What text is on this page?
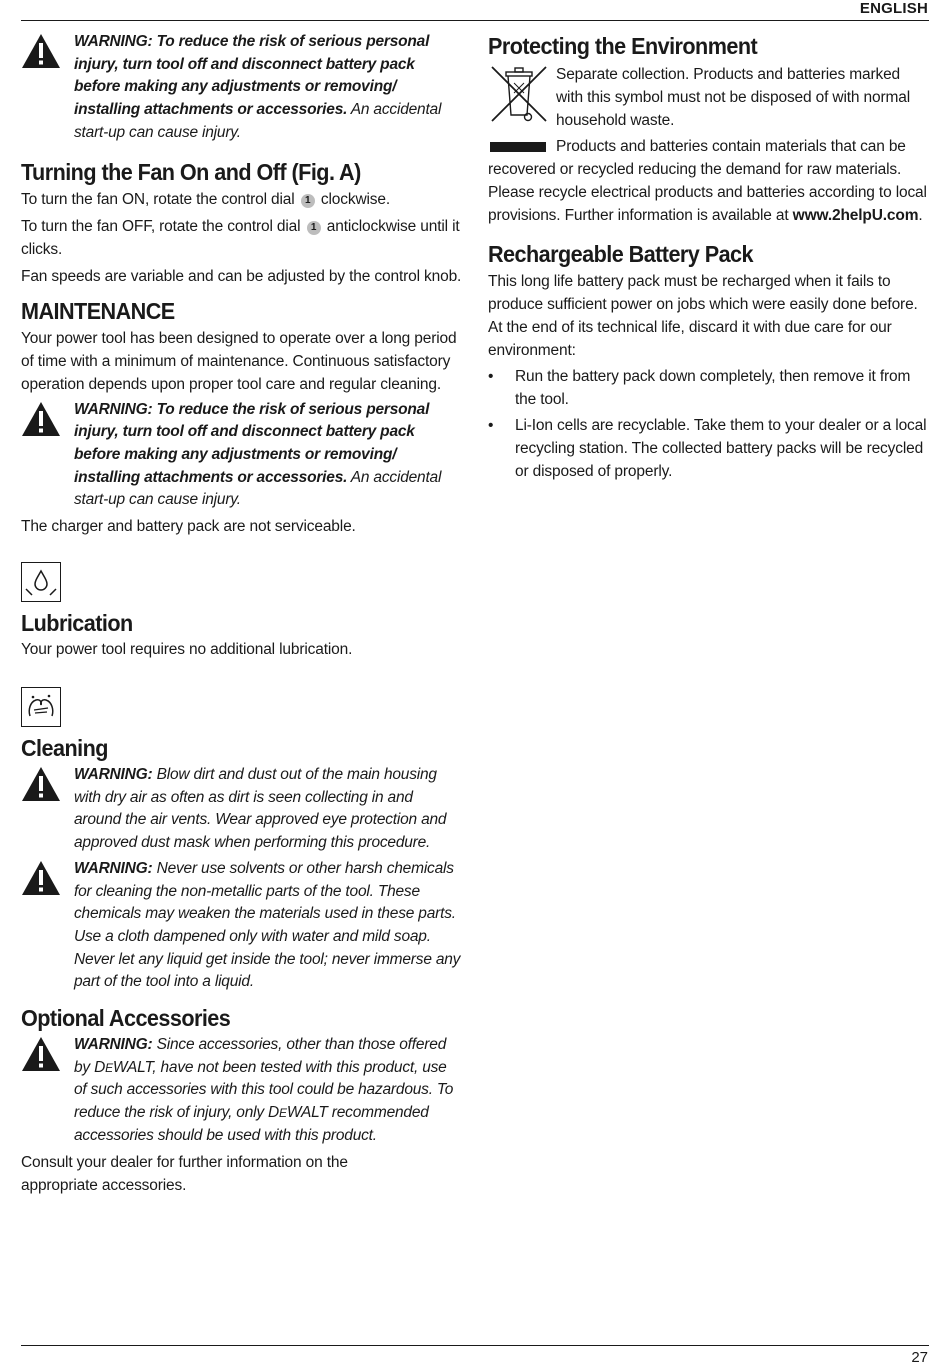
ENGLISH
WARNING: To reduce the risk of serious personal injury, turn tool off and disconnect battery pack before making any adjustments or removing/ installing attachments or accessories. An accidental start-up can cause injury.
Turning the Fan On and Off (Fig. A)

To turn the fan ON, rotate the control dial 1 clockwise.

To turn the fan OFF, rotate the control dial 1 anticlockwise until it clicks.

Fan speeds are variable and can be adjusted by the control knob.

MAINTENANCE

Your power tool has been designed to operate over a long period of time with a minimum of maintenance. Continuous satisfactory operation depends upon proper tool care and regular cleaning.

WARNING: To reduce the risk of serious personal injury, turn tool off and disconnect battery pack before making any adjustments or removing/ installing attachments or accessories. An accidental start-up can cause injury.

The charger and battery pack are not serviceable.

Lubrication

Your power tool requires no additional lubrication.

Cleaning
WARNING: Blow dirt and dust out of the main housing with dry air as often as dirt is seen collecting in and around the air vents. Wear approved eye protection and approved dust mask when performing this procedure.
WARNING: Never use solvents or other harsh chemicals for cleaning the non-metallic parts of the tool. These chemicals may weaken the materials used in these parts. Use a cloth dampened only with water and mild soap. Never let any liquid get inside the tool; never immerse any part of the tool into a liquid.
Optional Accessories
WARNING: Since accessories, other than those offered by DEWALT, have not been tested with this product, use of such accessories with this tool could be hazardous. To reduce the risk of injury, only DEWALT recommended accessories should be used with this product.

Consult your dealer for further information on the appropriate accessories.

Protecting the Environment

Separate collection. Products and batteries marked with this symbol must not be disposed of with normal household waste.

Products and batteries contain materials that can be recovered or recycled reducing the demand for raw materials. Please recycle electrical products and batteries according to local provisions. Further information is available at www.2helpU.com.

Rechargeable Battery Pack

This long life battery pack must be recharged when it fails to produce sufficient power on jobs which were easily done before. At the end of its technical life, discard it with due care for our environment:

• Run the battery pack down completely, then remove it from the tool.
• Li-Ion cells are recyclable. Take them to your dealer or a local recycling station. The collected battery packs will be recycled or disposed of properly.
27
